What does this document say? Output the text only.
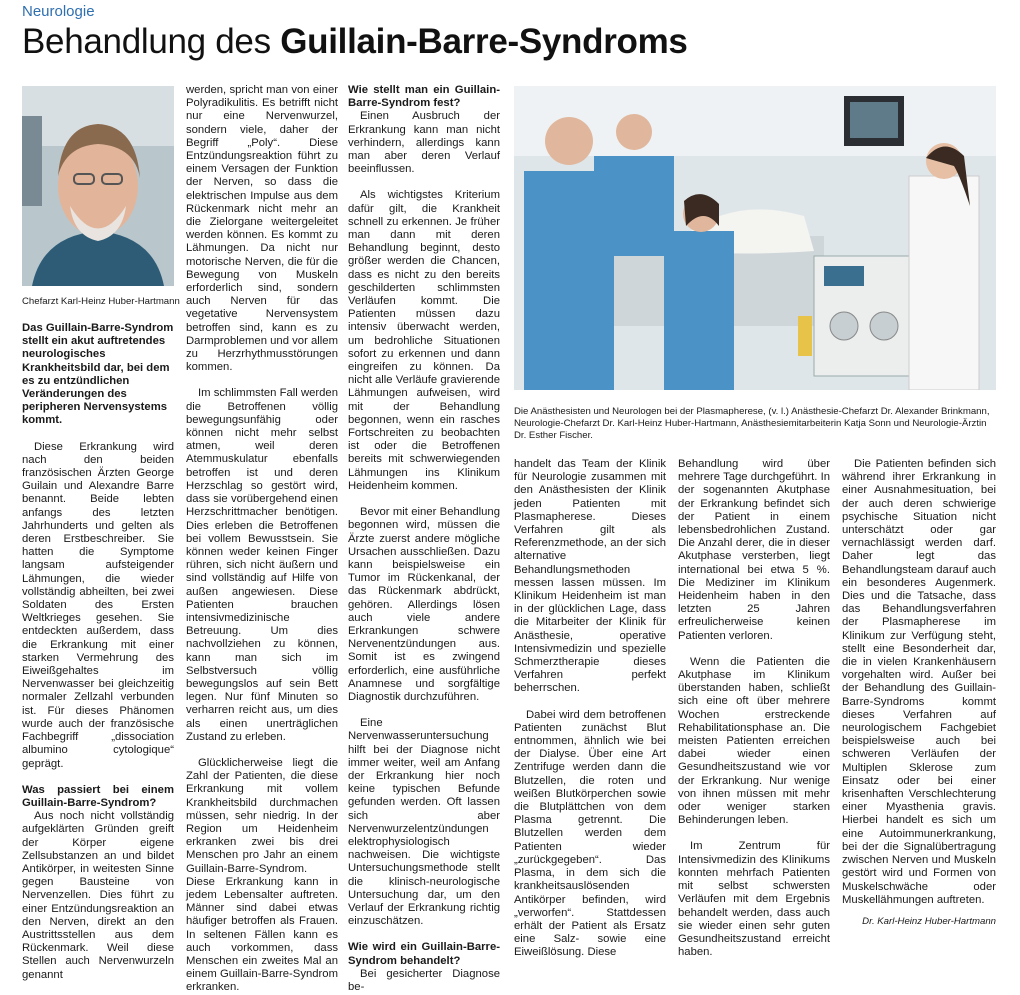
Neurologie
Behandlung des Guillain-Barre-Syndroms
Chefarzt Karl-Heinz Huber-Hartmann

Das Guillain-Barre-Syndrom stellt ein akut auftretendes neurologisches Krankheitsbild dar, bei dem es zu entzündlichen Veränderungen des peripheren Nervensystems kommt.

Diese Erkrankung wird nach den beiden französischen Ärzten George Guilain und Alexandre Barre benannt. Beide lebten anfangs des letzten Jahrhunderts und gelten als deren Erstbeschreiber. Sie hatten die Symptome langsam aufsteigender Lähmungen, die wieder vollständig abheilten, bei zwei Soldaten des Ersten Weltkrieges gesehen. Sie entdeckten außerdem, dass die Erkrankung mit einer starken Vermehrung des Eiweißgehaltes im Nervenwasser bei gleichzeitig normaler Zellzahl verbunden ist. Für dieses Phänomen wurde auch der französische Fachbegriff „dissociation albumino cytologique“ geprägt.

Was passiert bei einem Guillain-Barre-Syndrom?

Aus noch nicht vollständig aufgeklärten Gründen greift der Körper eigene Zellsubstanzen an und bildet Antikörper, in weitesten Sinne gegen Bausteine von Nervenzellen. Dies führt zu einer Entzündungsreaktion an den Nerven, direkt an den Austrittsstellen aus dem Rückenmark. Weil diese Stellen auch Nervenwurzeln genannt

werden, spricht man von einer Polyradikulitis. Es betrifft nicht nur eine Nervenwurzel, sondern viele, daher der Begriff „Poly“. Diese Entzündungsreaktion führt zu einem Versagen der Funktion der Nerven, so dass die elektrischen Impulse aus dem Rückenmark nicht mehr an die Zielorgane weitergeleitet werden können. Es kommt zu Lähmungen. Da nicht nur motorische Nerven, die für die Bewegung von Muskeln erforderlich sind, sondern auch Nerven für das vegetative Nervensystem betroffen sind, kann es zu Darmproblemen und vor allem zu Herzrhythmusstörungen kommen.

Im schlimmsten Fall werden die Betroffenen völlig bewegungsunfähig oder können nicht mehr selbst atmen, weil deren Atemmuskulatur ebenfalls betroffen ist und deren Herzschlag so gestört wird, dass sie vorübergehend einen Herzschrittmacher benötigen. Dies erleben die Betroffenen bei vollem Bewusstsein. Sie können weder keinen Finger rühren, sich nicht äußern und sind vollständig auf Hilfe von außen angewiesen. Diese Patienten brauchen intensivmedizinische Betreuung. Um dies nachvollziehen zu können, kann man sich im Selbstversuch völlig bewegungslos auf sein Bett legen. Nur fünf Minuten so verharren reicht aus, um dies als einen unerträglichen Zustand zu erleben.

Glücklicherweise liegt die Zahl der Patienten, die diese Erkrankung mit vollem Krankheitsbild durchmachen müssen, sehr niedrig. In der Region um Heidenheim erkranken zwei bis drei Menschen pro Jahr an einem Guillain-Barre-Syndrom. Diese Erkrankung kann in jedem Lebensalter auftreten. Männer sind dabei etwas häufiger betroffen als Frauen. In seltenen Fällen kann es auch vorkommen, dass Menschen ein zweites Mal an einem Guillain-Barre-Syndrom erkranken.

Wie stellt man ein Guillain-Barre-Syndrom fest?

Einen Ausbruch der Erkrankung kann man nicht verhindern, allerdings kann man aber deren Verlauf beeinflussen.

Als wichtigstes Kriterium dafür gilt, die Krankheit schnell zu erkennen. Je früher man dann mit deren Behandlung beginnt, desto größer werden die Chancen, dass es nicht zu den bereits geschilderten schlimmsten Verläufen kommt. Die Patienten müssen dazu intensiv überwacht werden, um bedrohliche Situationen sofort zu erkennen und dann eingreifen zu können. Da nicht alle Verläufe gravierende Lähmungen aufweisen, wird mit der Behandlung begonnen, wenn ein rasches Fortschreiten zu beobachten ist oder die Betroffenen bereits mit schwerwiegenden Lähmungen ins Klinikum Heidenheim kommen.

Bevor mit einer Behandlung begonnen wird, müssen die Ärzte zuerst andere mögliche Ursachen ausschließen. Dazu kann beispielsweise ein Tumor im Rückenkanal, der das Rückenmark abdrückt, gehören. Allerdings lösen auch viele andere Erkrankungen schwere Nervenentzündungen aus. Somit ist es zwingend erforderlich, eine ausführliche Anamnese und sorgfältige Diagnostik durchzuführen.

Eine Nervenwasseruntersuchung hilft bei der Diagnose nicht immer weiter, weil am Anfang der Erkrankung hier noch keine typischen Befunde gefunden werden. Oft lassen sich aber Nervenwurzelentzündungen elektrophysiologisch nachweisen. Die wichtigste Untersuchungsmethode stellt die klinisch-neurologische Untersuchung dar, um den Verlauf der Erkrankung richtig einzuschätzen.

Wie wird ein Guillain-Barre-Syndrom behandelt?

Bei gesicherter Diagnose be-

Die Anästhesisten und Neurologen bei der Plasmapherese, (v. l.) Anästhesie-Chefarzt Dr. Alexander Brinkmann, Neurologie-Chefarzt Dr. Karl-Heinz Huber-Hartmann, Anästhesiemitarbeiterin Katja Sonn und Neurologie-Ärztin Dr. Esther Fischer.

handelt das Team der Klinik für Neurologie zusammen mit den Anästhesisten der Klinik jeden Patienten mit Plasmapherese. Dieses Verfahren gilt als Referenzmethode, an der sich alternative Behandlungsmethoden messen lassen müssen. Im Klinikum Heidenheim ist man in der glücklichen Lage, dass die Mitarbeiter der Klinik für Anästhesie, operative Intensivmedizin und spezielle Schmerztherapie dieses Verfahren perfekt beherrschen.

Dabei wird dem betroffenen Patienten zunächst Blut entnommen, ähnlich wie bei der Dialyse. Über eine Art Zentrifuge werden dann die Blutzellen, die roten und weißen Blutkörperchen sowie die Blutplättchen von dem Plasma getrennt. Die Blutzellen werden dem Patienten wieder „zurückgegeben“. Das Plasma, in dem sich die krankheitsauslösenden Antikörper befinden, wird „verworfen“. Stattdessen erhält der Patient als Ersatz eine Salz- sowie eine Eiweißlösung. Diese

Behandlung wird über mehrere Tage durchgeführt. In der sogenannten Akutphase der Erkrankung befindet sich der Patient in einem lebensbedrohlichen Zustand. Die Anzahl derer, die in dieser Akutphase versterben, liegt international bei etwa 5 %. Die Mediziner im Klinikum Heidenheim haben in den letzten 25 Jahren erfreulicherweise keinen Patienten verloren.

Wenn die Patienten die Akutphase im Klinikum überstanden haben, schließt sich eine oft über mehrere Wochen erstreckende Rehabilitationsphase an. Die meisten Patienten erreichen dabei wieder einen Gesundheitszustand wie vor der Erkrankung. Nur wenige von ihnen müssen mit mehr oder weniger starken Behinderungen leben.

Im Zentrum für Intensivmedizin des Klinikums konnten mehrfach Patienten mit selbst schwersten Verläufen mit dem Ergebnis behandelt werden, dass auch sie wieder einen sehr guten Gesundheitszustand erreicht haben.

Die Patienten befinden sich während ihrer Erkrankung in einer Ausnahmesituation, bei der auch deren schwierige psychische Situation nicht unterschätzt oder gar vernachlässigt werden darf. Daher legt das Behandlungsteam darauf auch ein besonderes Augenmerk. Dies und die Tatsache, dass das Behandlungsverfahren der Plasmapherese im Klinikum zur Verfügung steht, stellt eine Besonderheit dar, die in vielen Krankenhäusern vorgehalten wird. Außer bei der Behandlung des Guillain-Barre-Syndroms kommt dieses Verfahren auf neurologischem Fachgebiet beispielsweise auch bei schweren Verläufen der Multiplen Sklerose zum Einsatz oder bei einer krisenhaften Verschlechterung einer Myasthenia gravis. Hierbei handelt es sich um eine Autoimmunerkrankung, bei der die Signalübertragung zwischen Nerven und Muskeln gestört wird und Formen von Muskelschwäche oder Muskellähmungen auftreten.

Dr. Karl-Heinz Huber-Hartmann
